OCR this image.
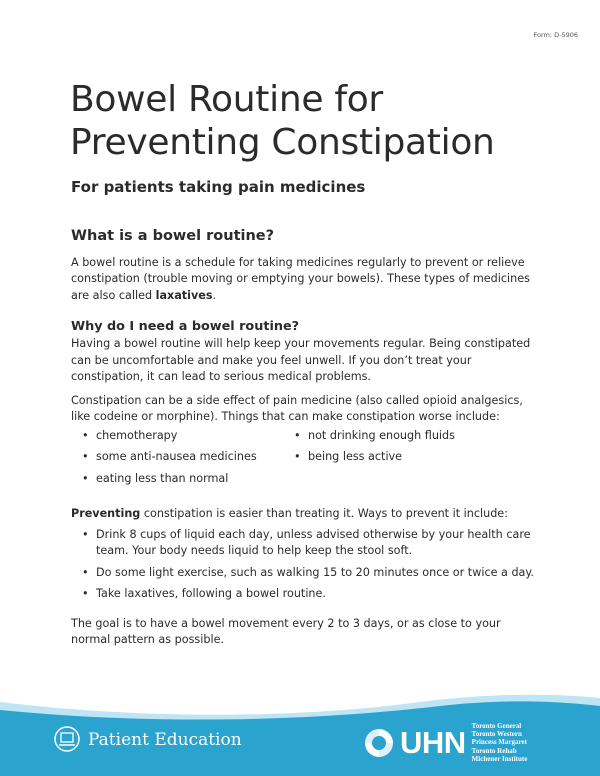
Form: D-5906
Bowel Routine for
Preventing Constipation
For patients taking pain medicines
What is a bowel routine?

A bowel routine is a schedule for taking medicines regularly to prevent or relieve constipation (trouble moving or emptying your bowels). These types of medicines are also called laxatives.

Why do I need a bowel routine?

Having a bowel routine will help keep your movements regular. Being constipated can be uncomfortable and make you feel unwell. If you don’t treat your constipation, it can lead to serious medical problems.

Constipation can be a side effect of pain medicine (also called opioid analgesics, like codeine or morphine). Things that can make constipation worse include:

• chemotherapy
• some anti-nausea medicines
• eating less than normal
• not drinking enough fluids
• being less active

Preventing constipation is easier than treating it. Ways to prevent it include:

• Drink 8 cups of liquid each day, unless advised otherwise by your health care team. Your body needs liquid to help keep the stool soft.
• Do some light exercise, such as walking 15 to 20 minutes once or twice a day.
• Take laxatives, following a bowel routine.

The goal is to have a bowel movement every 2 to 3 days, or as close to your normal pattern as possible.

Patient Education	UHN Toronto General
Toronto Western
Princess Margaret
Toronto Rehab
Michener Institute
